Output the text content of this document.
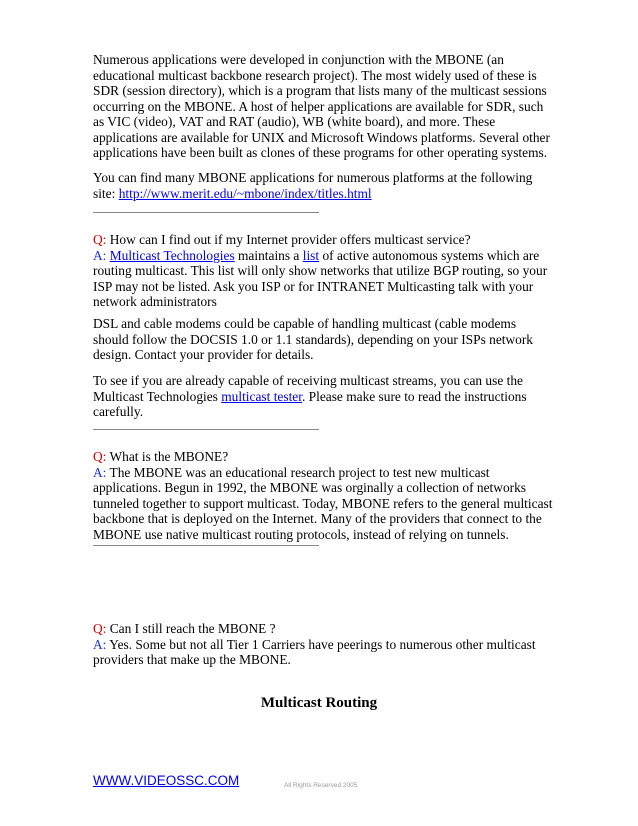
Numerous applications were developed in conjunction with the MBONE (an educational multicast backbone research project). The most widely used of these is SDR (session directory), which is a program that lists many of the multicast sessions occurring on the MBONE. A host of helper applications are available for SDR, such as VIC (video), VAT and RAT (audio), WB (white board), and more. These applications are available for UNIX and Microsoft Windows platforms. Several other applications have been built as clones of these programs for other operating systems.

You can find many MBONE applications for numerous platforms at the following site: http://www.merit.edu/~mbone/index/titles.html

Q: How can I find out if my Internet provider offers multicast service?
A: Multicast Technologies maintains a list of active autonomous systems which are routing multicast. This list will only show networks that utilize BGP routing, so your ISP may not be listed. Ask you ISP or for INTRANET Multicasting talk with your network administrators

DSL and cable modems could be capable of handling multicast (cable modems should follow the DOCSIS 1.0 or 1.1 standards), depending on your ISPs network design. Contact your provider for details.

To see if you are already capable of receiving multicast streams, you can use the Multicast Technologies multicast tester. Please make sure to read the instructions carefully.

Q: What is the MBONE?
A: The MBONE was an educational research project to test new multicast applications. Begun in 1992, the MBONE was orginally a collection of networks tunneled together to support multicast. Today, MBONE refers to the general multicast backbone that is deployed on the Internet. Many of the providers that connect to the MBONE use native multicast routing protocols, instead of relying on tunnels.

Q: Can I still reach the MBONE ?
A: Yes. Some but not all Tier 1 Carriers have peerings to numerous other multicast providers that make up the MBONE.

Multicast Routing
WWW.VIDEOSSC.COM	All Rights Reserved 2005
